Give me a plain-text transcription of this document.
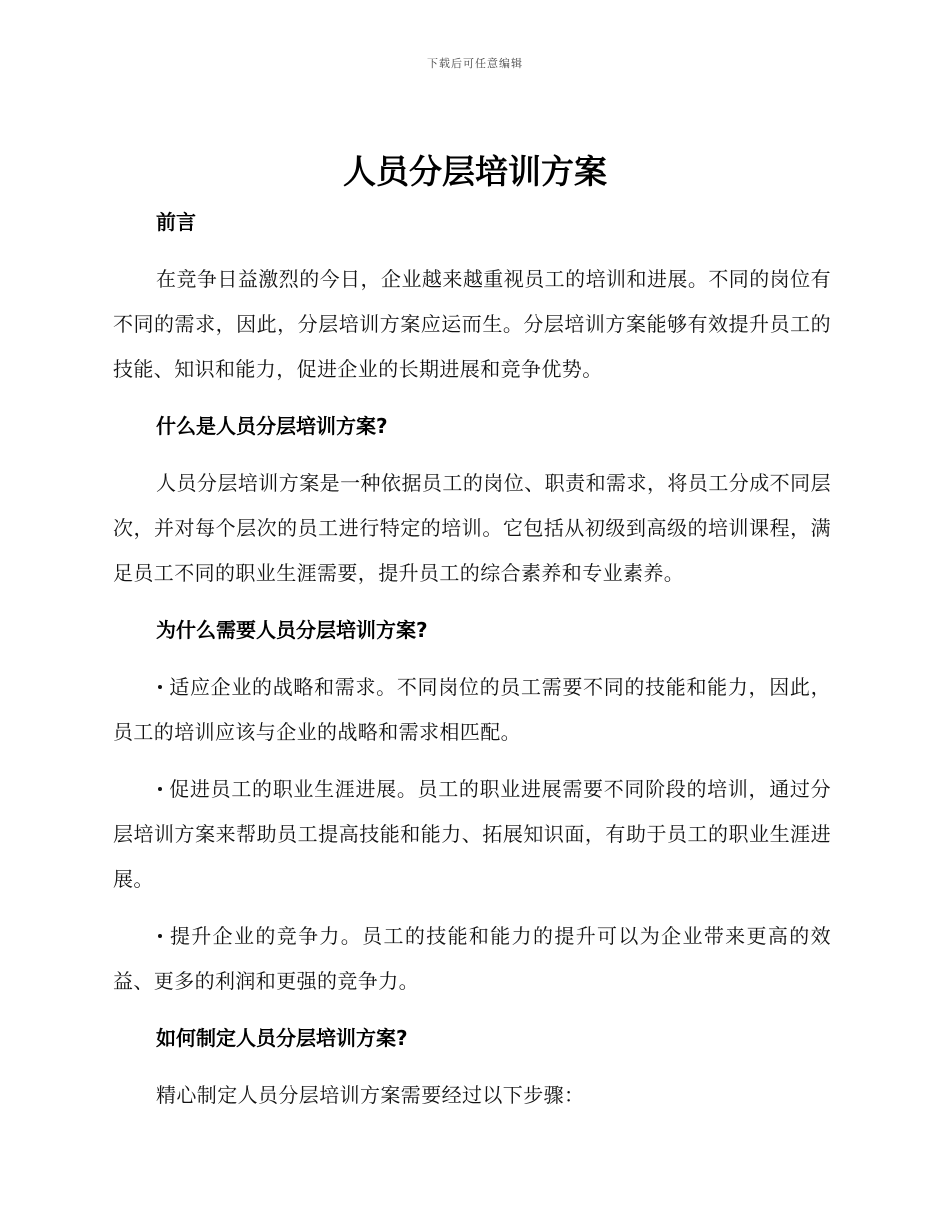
下载后可任意编辑
人员分层培训方案
前言

在竞争日益激烈的今日，企业越来越重视员工的培训和进展。不同的岗位有不同的需求，因此，分层培训方案应运而生。分层培训方案能够有效提升员工的技能、知识和能力，促进企业的长期进展和竞争优势。

什么是人员分层培训方案?

人员分层培训方案是一种依据员工的岗位、职责和需求，将员工分成不同层次，并对每个层次的员工进行特定的培训。它包括从初级到高级的培训课程，满足员工不同的职业生涯需要，提升员工的综合素养和专业素养。

为什么需要人员分层培训方案?

适应企业的战略和需求。不同岗位的员工需要不同的技能和能力，因此，员工的培训应该与企业的战略和需求相匹配。

促进员工的职业生涯进展。员工的职业进展需要不同阶段的培训，通过分层培训方案来帮助员工提高技能和能力、拓展知识面，有助于员工的职业生涯进展。

提升企业的竞争力。员工的技能和能力的提升可以为企业带来更高的效益、更多的利润和更强的竞争力。

如何制定人员分层培训方案?

精心制定人员分层培训方案需要经过以下步骤：
